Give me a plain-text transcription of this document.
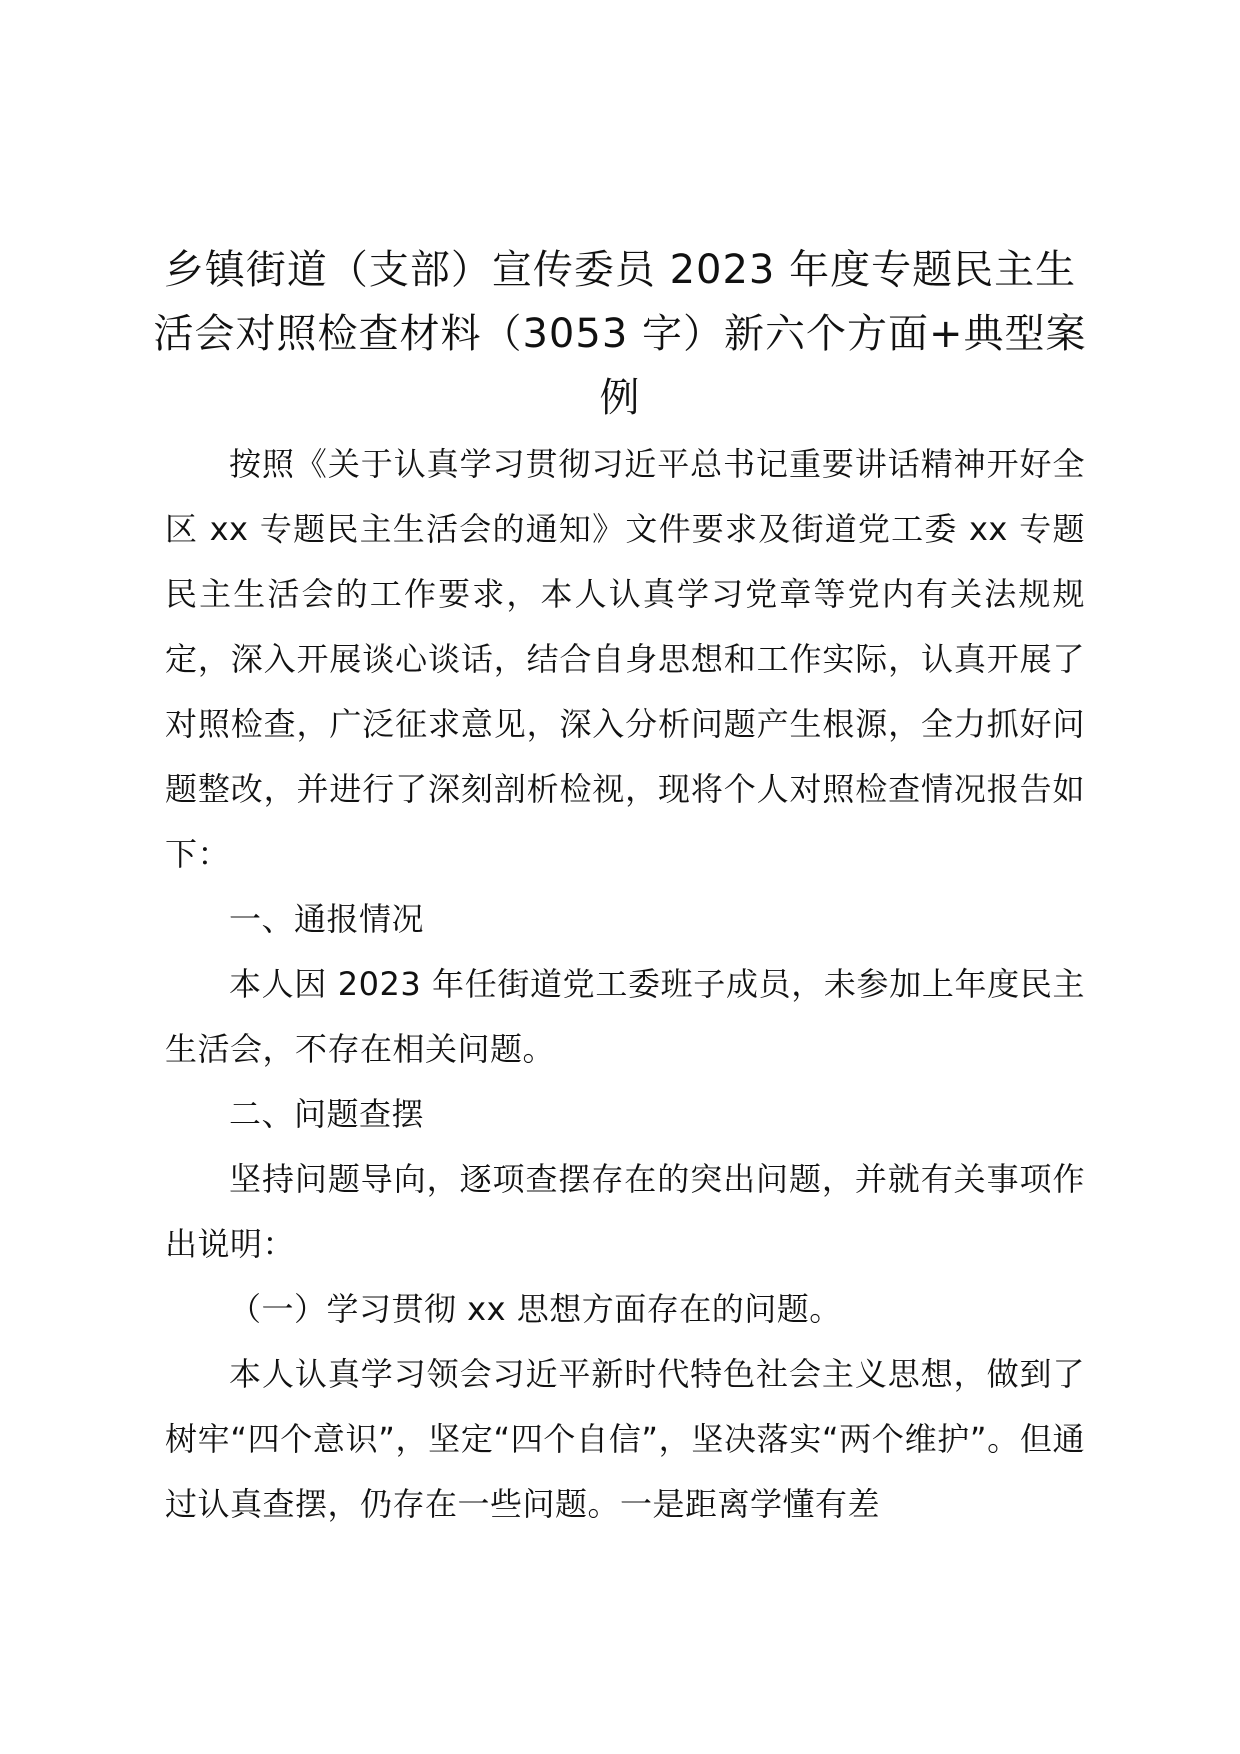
乡镇街道（支部）宣传委员 2023 年度专题民主生活会对照检查材料（3053 字）新六个方面+典型案例

按照《关于认真学习贯彻习近平总书记重要讲话精神开好全区 xx 专题民主生活会的通知》文件要求及街道党工委 xx 专题民主生活会的工作要求，本人认真学习党章等党内有关法规规定，深入开展谈心谈话，结合自身思想和工作实际，认真开展了对照检查，广泛征求意见，深入分析问题产生根源，全力抓好问题整改，并进行了深刻剖析检视，现将个人对照检查情况报告如下：

一、通报情况

本人因 2023 年任街道党工委班子成员，未参加上年度民主生活会，不存在相关问题。

二、问题查摆

坚持问题导向，逐项查摆存在的突出问题，并就有关事项作出说明：

（一）学习贯彻 xx 思想方面存在的问题。

本人认真学习领会习近平新时代特色社会主义思想，做到了树牢“四个意识”，坚定“四个自信”，坚决落实“两个维护”。但通过认真查摆，仍存在一些问题。一是距离学懂有差
